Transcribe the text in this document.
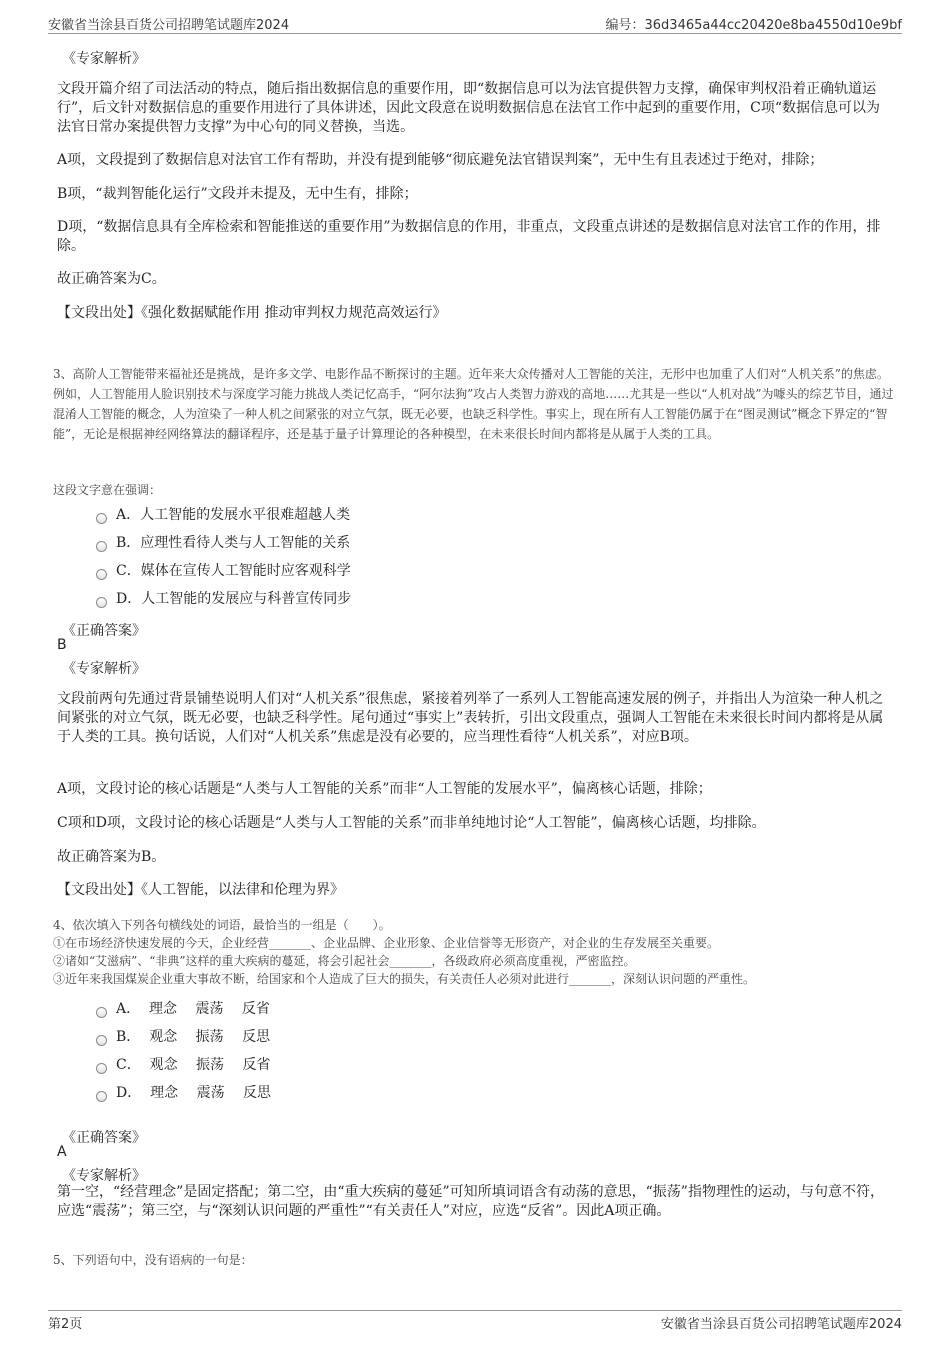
安徽省当涂县百货公司招聘笔试题库2024	编号：36d3465a44cc20420e8ba4550d10e9bf
《专家解析》

文段开篇介绍了司法活动的特点，随后指出数据信息的重要作用，即“数据信息可以为法官提供智力支撑，确保审判权沿着正确轨道运行”，后文针对数据信息的重要作用进行了具体讲述，因此文段意在说明数据信息在法官工作中起到的重要作用，C项“数据信息可以为法官日常办案提供智力支撑”为中心句的同义替换，当选。

A项，文段提到了数据信息对法官工作有帮助，并没有提到能够“彻底避免法官错误判案”，无中生有且表述过于绝对，排除；

B项，“裁判智能化运行”文段并未提及，无中生有，排除；

D项，“数据信息具有全库检索和智能推送的重要作用”为数据信息的作用，非重点，文段重点讲述的是数据信息对法官工作的作用，排除。

故正确答案为C。

【文段出处】《强化数据赋能作用 推动审判权力规范高效运行》

3、高阶人工智能带来福祉还是挑战，是许多文学、电影作品不断探讨的主题。近年来大众传播对人工智能的关注，无形中也加重了人们对“人机关系”的焦虑。例如，人工智能用人脸识别技术与深度学习能力挑战人类记忆高手，“阿尔法狗”攻占人类智力游戏的高地……尤其是一些以“人机对战”为噱头的综艺节目，通过混淆人工智能的概念，人为渲染了一种人机之间紧张的对立气氛，既无必要，也缺乏科学性。事实上，现在所有人工智能仍属于在“图灵测试”概念下界定的“智能”，无论是根据神经网络算法的翻译程序，还是基于量子计算理论的各种模型，在未来很长时间内都将是从属于人类的工具。

这段文字意在强调：

A．人工智能的发展水平很难超越人类
B．应理性看待人类与人工智能的关系
C．媒体在宣传人工智能时应客观科学
D．人工智能的发展应与科普宣传同步
《正确答案》
B
《专家解析》

文段前两句先通过背景铺垫说明人们对“人机关系”很焦虑，紧接着列举了一系列人工智能高速发展的例子，并指出人为渲染一种人机之间紧张的对立气氛，既无必要，也缺乏科学性。尾句通过“事实上”表转折，引出文段重点，强调人工智能在未来很长时间内都将是从属于人类的工具。换句话说，人们对“人机关系”焦虑是没有必要的，应当理性看待“人机关系”，对应B项。

A项，文段讨论的核心话题是“人类与人工智能的关系”而非“人工智能的发展水平”，偏离核心话题，排除；

C项和D项，文段讨论的核心话题是“人类与人工智能的关系”而非单纯地讨论“人工智能”，偏离核心话题，均排除。

故正确答案为B。

【文段出处】《人工智能，以法律和伦理为界》

4、依次填入下列各句横线处的词语，最恰当的一组是（　　）。
①在市场经济快速发展的今天，企业经营_______、企业品牌、企业形象、企业信誉等无形资产，对企业的生存发展至关重要。
②诸如“艾滋病”、“非典”这样的重大疾病的蔓延，将会引起社会_______，各级政府必须高度重视，严密监控。
③近年来我国煤炭企业重大事故不断，给国家和个人造成了巨大的损失，有关责任人必须对此进行_______，深刻认识问题的严重性。
A．  理念　 震荡　 反省
B．  观念　 振荡　 反思
C．  观念　 振荡　 反省
D．  理念　 震荡　 反思
《正确答案》
A
《专家解析》

第一空，“经营理念”是固定搭配；第二空，由“重大疾病的蔓延”可知所填词语含有动荡的意思，“振荡”指物理性的运动，与句意不符，应选“震荡”；第三空，与“深刻认识问题的严重性”“有关责任人”对应，应选“反省”。因此A项正确。

5、下列语句中，没有语病的一句是：

第2页	安徽省当涂县百货公司招聘笔试题库2024
